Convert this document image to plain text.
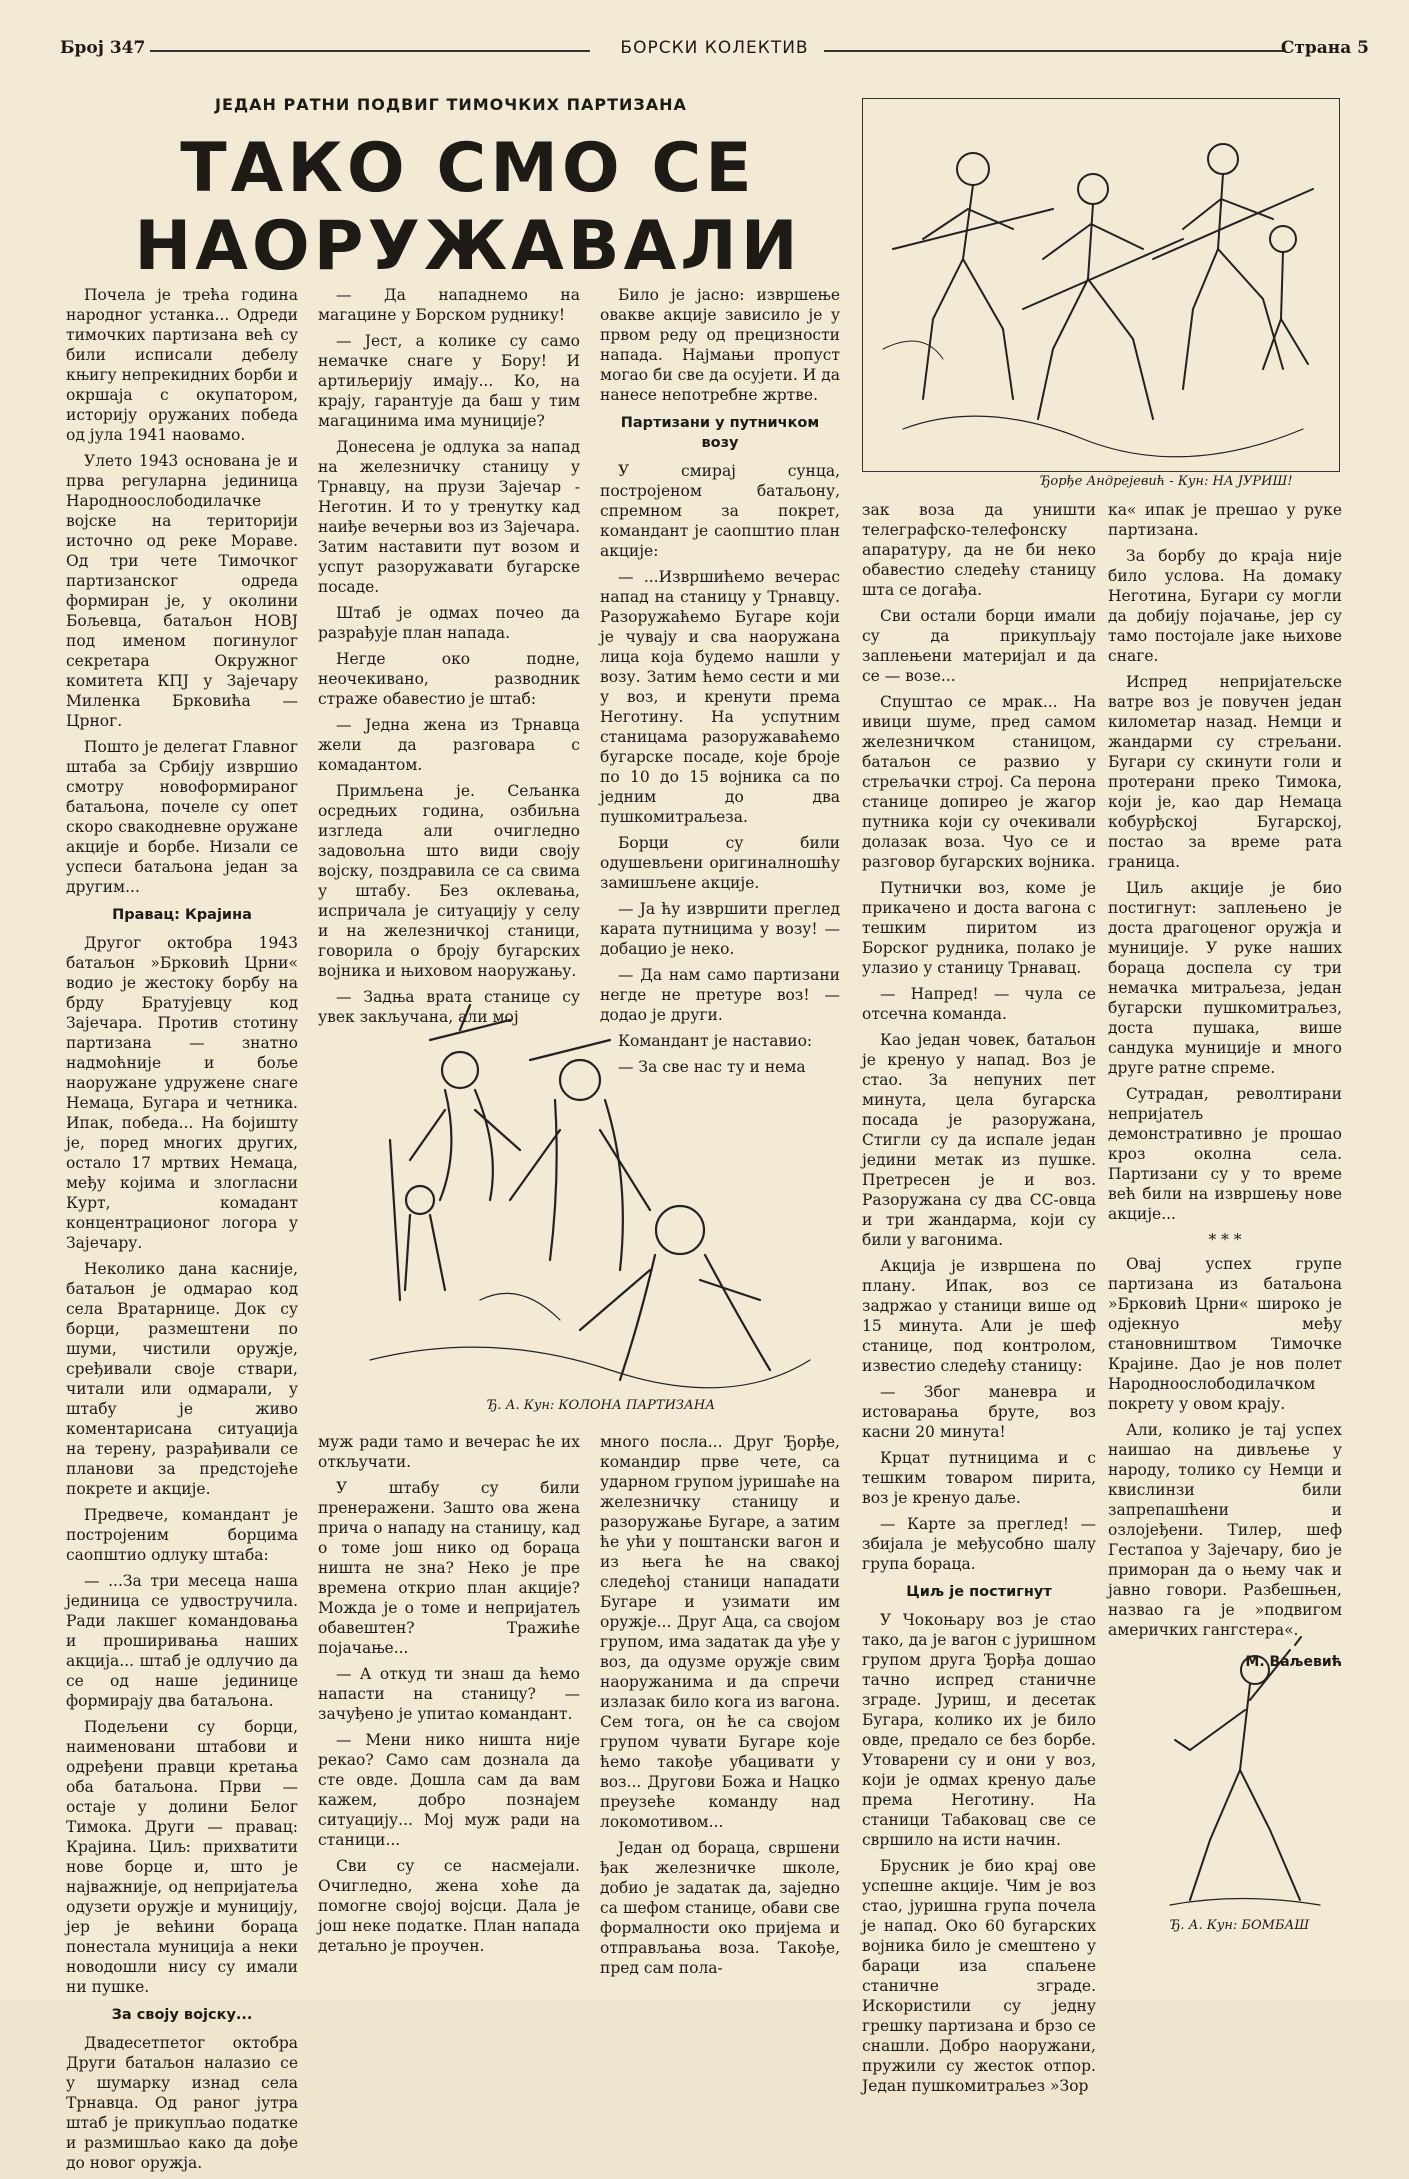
Број 347	БОРСКИ КОЛЕКТИВ	Страна 5
ЈЕДАН РАТНИ ПОДВИГ ТИМОЧКИХ ПАРТИЗАНА
ТАКО СМО СЕ
НАОРУЖАВАЛИ
Ђорђе Андрејевић - Кун: НА ЈУРИШ!

Почела је трећа година народног устанка... Одреди тимочких партизана већ су били исписали дебелу књигу непрекидних борби и окршаја с окупатором, историју оружаних победа од јула 1941 наовамо.

Улето 1943 основана је и прва регуларна јединица Народноослободилачке војске на територији источно од реке Мораве. Од три чете Тимочког партизанског одреда формиран је, у околини Бољевца, батаљон НОВЈ под именом погинулог секретара Окружног комитета КПЈ у Зајечару Миленка Брковића — Црног.

Пошто је делегат Главног штаба за Србију извршио смотру новоформираног батаљона, почеле су опет скоро свакодневне оружане акције и борбе. Низали се успеси батаљона један за другим...

Правац: Крајина

Другог октобра 1943 батаљон »Брковић Црни« водио је жестоку борбу на брду Братујевцу код Зајечара. Против стотину партизана — знатно надмоћније и боље наоружане удружене снаге Немаца, Бугара и четника. Ипак, победа... На бојишту је, поред многих других, остало 17 мртвих Немаца, међу којима и злогласни Курт, комадант концентрационог логора у Зајечару.

Неколико дана касније, батаљон је одмарао код села Вратарнице. Док су борци, размештени по шуми, чистили оружје, сређивали своје ствари, читали или одмарали, у штабу је живо коментарисана ситуација на терену, разрађивали се планови за предстојеће покрете и акције.

Предвече, командант је постројеним борцима саопштио одлуку штаба:

— ...За три месеца наша јединица се удвостручила. Ради лакшег командовања и проширивања наших акција... штаб је одлучио да се од наше јединице формирају два батаљона.

Подељени су борци, наименовани штабови и одређени правци кретања оба батаљона. Први — остаје у долини Белог Тимока. Други — правац: Крајина. Циљ: прихватити нове борце и, што је најважније, од непријатеља одузети оружје и муницију, јер је већини бораца понестала муниција а неки новодошли нису су имали ни пушке.

За своју војску...

Двадесетпетог октобра Други батаљон налазио се у шумарку изнад села Трнавца. Од раног јутра штаб је прикупљао податке и размишљао како да дође до новог оружја.

— Да нападнемо на магацине у Борском руднику!

— Јест, а колике су само немачке снаге у Бору! И артиљерију имају... Ко, на крају, гарантује да баш у тим магацинима има муниције?

Донесена је одлука за напад на железничку станицу у Трнавцу, на прузи Зајечар - Неготин. И то у тренутку кад наиђе вечерњи воз из Зајечара. Затим наставити пут возом и успут разоружавати бугарске посаде.

Штаб је одмах почео да разрађује план напада.

Негде око подне, неочекивано, разводник страже обавестио је штаб:

— Једна жена из Трнавца жели да разговара с комадантом.

Примљена је. Сељанка осредњих година, озбиљна изгледа али очигледно задовољна што види своју војску, поздравила се са свима у штабу. Без оклевања, испричала је ситуацију у селу и на железничкој станици, говорила о броју бугарских војника и њиховом наоружању.

— Задња врата станице су увек закључана, али мој

Било је јасно: извршење овакве акције зависило је у првом реду од прецизности напада. Најмањи пропуст могао би све да осујети. И да нанесе непотребне жртве.

Партизани у путничком возу

У смирај сунца, постројеном батаљону, спремном за покрет, командант је саопштио план акције:

— ...Извршићемо вечерас напад на станицу у Трнавцу. Разоружаћемо Бугаре који је чувају и сва наоружана лица која будемо нашли у возу. Затим ћемо сести и ми у воз, и кренути према Неготину. На успутним станицама разоружаваћемо бугарске посаде, које броје по 10 до 15 војника са по једним до два пушкомитраљеза.

Борци су били одушевљени оригиналношћу замишљене акције.

— Ја ћу извршити преглед карата путницима у возу! — добацио је неко.

— Да нам само партизани негде не претуре воз! — додао је други.

Командант је наставио:

— За све нас ту и нема

Ђ. А. Кун: КОЛОНА ПАРТИЗАНА

муж ради тамо и вечерас ће их откључати.

У штабу су били пренеражени. Зашто ова жена прича о нападу на станицу, кад о томе још нико од бораца ништа не зна? Неко је пре времена открио план акције? Можда је о томе и непријатељ обавештен? Тражиће појачање...

— А откуд ти знаш да ћемо напасти на станицу? — зачуђено је упитао командант.

— Мени нико ништа није рекао? Само сам дознала да сте овде. Дошла сам да вам кажем, добро познајем ситуацију... Мој муж ради на станици...

Сви су се насмејали. Очигледно, жена хоће да помогне својој војсци. Дала је још неке податке. План напада детаљно је проучен.

много посла... Друг Ђорђе, командир прве чете, са ударном групом јуришаће на железничку станицу и разоружање Бугаре, а затим ће ући у поштански вагон и из њега ће на свакој следећој станици нападати Бугаре и узимати им оружје... Друг Аца, са својом групом, има задатак да уђе у воз, да одузме оружје свим наоружанима и да спречи излазак било кога из вагона. Сем тога, он ће са својом групом чувати Бугаре које ћемо такође убацивати у воз... Другови Божа и Нацко преузеће команду над локомотивом...

Један од бораца, свршени ђак железничке школе, добио је задатак да, заједно са шефом станице, обави све формалности око пријема и отправљања воза. Такође, пред сам пола-

зак воза да уништи телеграфско-телефонску апаратуру, да не би неко обавестио следећу станицу шта се догађа.

Сви остали борци имали су да прикупљају заплењени материјал и да се — возе...

Спуштао се мрак... На ивици шуме, пред самом железничком станицом, батаљон се развио у стрељачки строј. Са перона станице допирео је жагор путника који су очекивали долазак воза. Чуо се и разговор бугарских војника.

Путнички воз, коме је прикачено и доста вагона с тешким пиритом из Борског рудника, полако је улазио у станицу Трнавац.

— Напред! — чула се отсечна команда.

Као један човек, батаљон је кренуо у напад. Воз је стао. За непуних пет минута, цела бугарска посада је разоружана, Стигли су да испале један једини метак из пушке. Претресен је и воз. Разоружана су два СС-овца и три жандарма, који су били у вагонима.

Акција је извршена по плану. Ипак, воз се задржао у станици више од 15 минута. Али је шеф станице, под контролом, известио следећу станицу:

— Због маневра и истоварања бруте, воз касни 20 минута!

Крцат путницима и с тешким товаром пирита, воз је кренуо даље.

— Карте за преглед! — збијала је међусобно шалу група бораца.

Циљ је постигнут

У Чокоњару воз је стао тако, да је вагон с јуришном групом друга Ђорђа дошао тачно испред станичне зграде. Јуриш, и десетак Бугара, колико их је било овде, предало се без борбе. Утоварени су и они у воз, који је одмах кренуо даље према Неготину. На станици Табаковац све се свршило на исти начин.

Брусник је био крај ове успешне акције. Чим је воз стао, јуришна група почела је напад. Око 60 бугарских војника било је смештено у бараци иза спаљене станичне зграде. Искористили су једну грешку партизана и брзо се снашли. Добро наоружани, пружили су жесток отпор. Један пушкомитраљез »Зор

ка« ипак је прешао у руке партизана.

За борбу до краја није било услова. На домаку Неготина, Бугари су могли да добију појачање, јер су тамо постојале јаке њихове снаге.

Испред непријатељске ватре воз је повучен један километар назад. Немци и жандарми су стрељани. Бугари су скинути голи и протерани преко Тимока, који је, као дар Немаца кобурђској Бугарској, постао за време рата граница.

Циљ акције је био постигнут: заплењено је доста драгоценог оружја и муниције. У руке наших бораца доспела су три немачка митраљеза, један бугарски пушкомитраљез, доста пушака, више сандука муниције и много друге ратне спреме.

Сутрадан, револтирани непријатељ демонстративно је прошао кроз околна села. Партизани су у то време већ били на извршењу нове акције...

* * *

Овај успех групе партизана из батаљона »Брковић Црни« широко је одјекнуо међу становништвом Тимочке Крајине. Дао је нов полет Народноослободилачком покрету у овом крају.

Али, колико је тај успех наишао на дивљење у народу, толико су Немци и квислинзи били запрепашћени и озлојеђени. Тилер, шеф Гестапоа у Зајечару, био је приморан да о њему чак и јавно говори. Разбешњен, назвао га је »подвигом америчких гангстера«.

М. Ваљевић

Ђ. А. Кун: БОМБАШ
